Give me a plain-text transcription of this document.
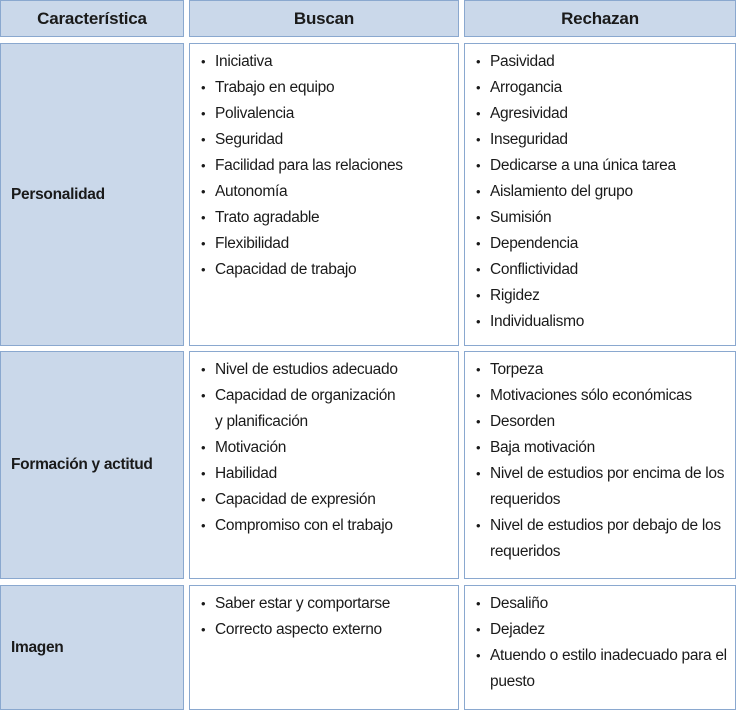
Característica	Buscan	Rechazan
Personalidad
• Iniciativa
• Trabajo en equipo
• Polivalencia
• Seguridad
• Facilidad para las relaciones
• Autonomía
• Trato agradable
• Flexibilidad
• Capacidad de trabajo
• Pasividad
• Arrogancia
• Agresividad
• Inseguridad
• Dedicarse a una única tarea
• Aislamiento del grupo
• Sumisión
• Dependencia
• Conflictividad
• Rigidez
• Individualismo
Formación y actitud
• Nivel de estudios adecuado
• Capacidad de organización
y planificación
• Motivación
• Habilidad
• Capacidad de expresión
• Compromiso con el trabajo
• Torpeza
• Motivaciones sólo económicas
• Desorden
• Baja motivación
• Nivel de estudios por encima de los
requeridos
• Nivel de estudios por debajo de los
requeridos
Imagen
• Saber estar y comportarse
• Correcto aspecto externo
• Desaliño
• Dejadez
• Atuendo o estilo inadecuado para el
puesto
